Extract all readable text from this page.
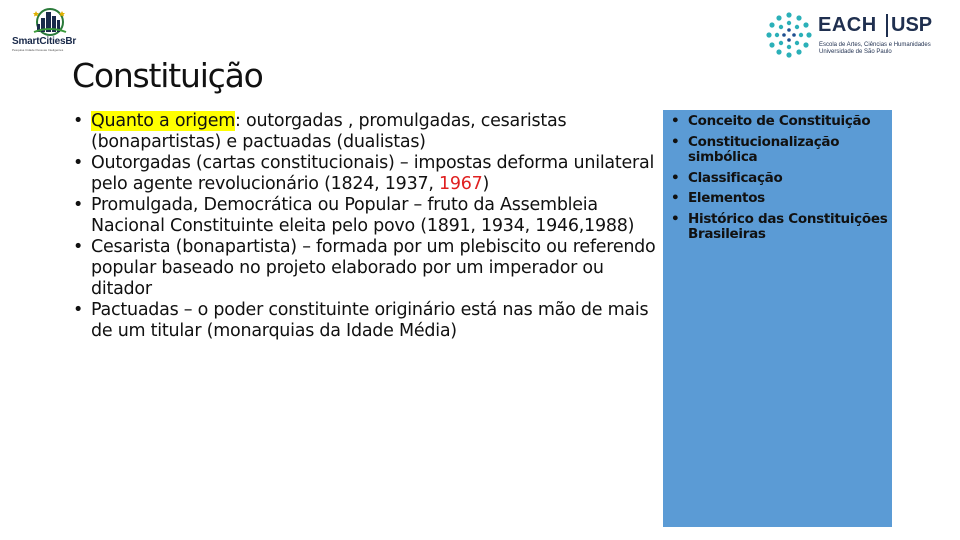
SmartCitiesBr
Pesquisa Cidade Pessoas Inteligentes
EACH USP
Escola de Artes, Ciências e Humanidades
Universidade de São Paulo
Constituição
• Quanto a origem: outorgadas , promulgadas, cesaristas (bonapartistas) e pactuadas (dualistas)
• Outorgadas (cartas constitucionais) – impostas deforma unilateral pelo agente revolucionário (1824, 1937, 1967)
• Promulgada, Democrática ou Popular – fruto da Assembleia Nacional Constituinte eleita pelo povo (1891, 1934, 1946,1988)
• Cesarista (bonapartista) – formada por um plebiscito ou referendo popular baseado no projeto elaborado por um imperador ou ditador
• Pactuadas – o poder constituinte originário está nas mão de mais de um titular (monarquias da Idade Média)
• Conceito de Constituição
• Constitucionalização simbólica
• Classificação
• Elementos
• Histórico das Constituições Brasileiras
